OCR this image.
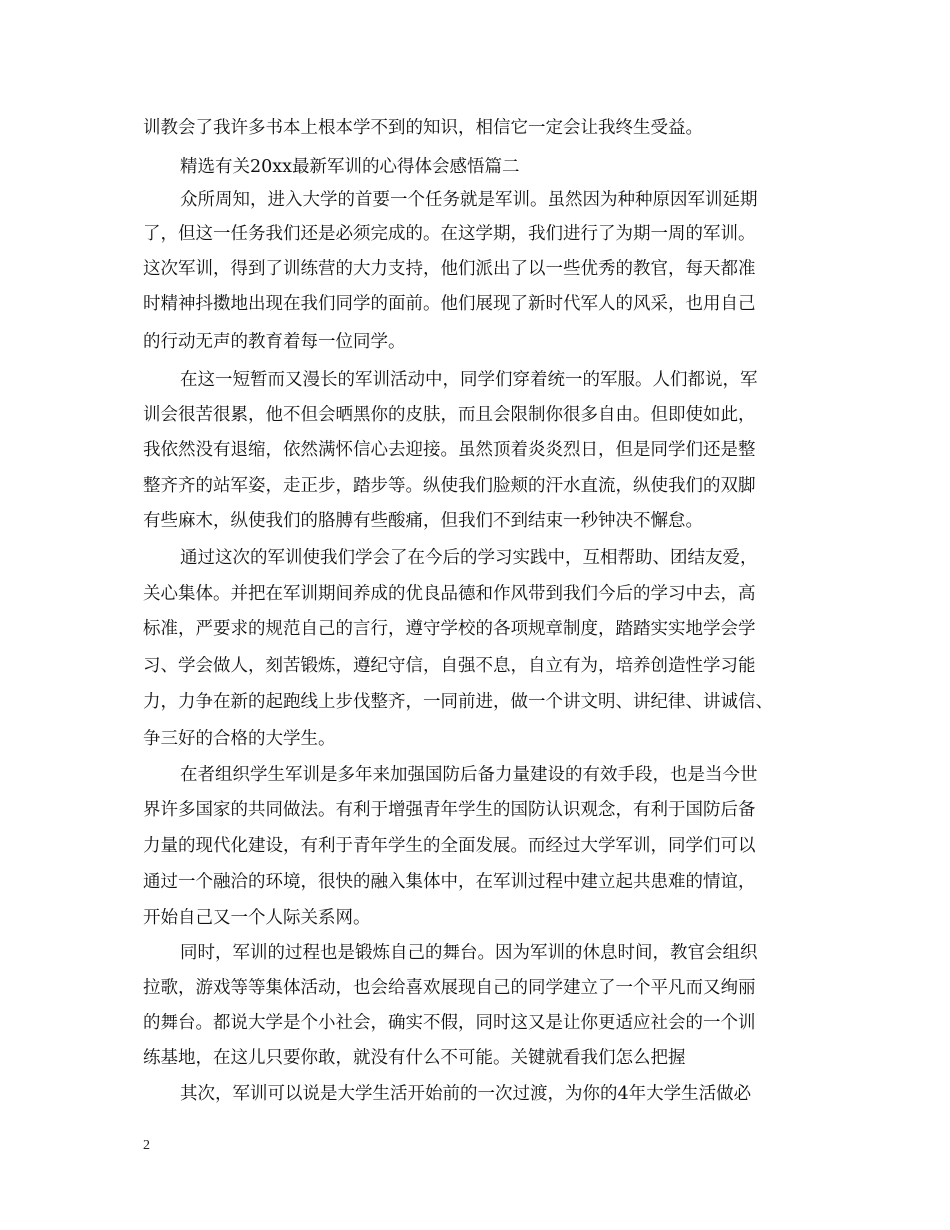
训教会了我许多书本上根本学不到的知识，相信它一定会让我终生受益。
精选有关20xx最新军训的心得体会感悟篇二
众所周知，进入大学的首要一个任务就是军训。虽然因为种种原因军训延期
了，但这一任务我们还是必须完成的。在这学期，我们进行了为期一周的军训。
这次军训，得到了训练营的大力支持，他们派出了以一些优秀的教官，每天都准
时精神抖擞地出现在我们同学的面前。他们展现了新时代军人的风采，也用自己
的行动无声的教育着每一位同学。
在这一短暂而又漫长的军训活动中，同学们穿着统一的军服。人们都说，军
训会很苦很累，他不但会晒黑你的皮肤，而且会限制你很多自由。但即使如此，
我依然没有退缩，依然满怀信心去迎接。虽然顶着炎炎烈日，但是同学们还是整
整齐齐的站军姿，走正步，踏步等。纵使我们脸颊的汗水直流，纵使我们的双脚
有些麻木，纵使我们的胳膊有些酸痛，但我们不到结束一秒钟决不懈怠。
通过这次的军训使我们学会了在今后的学习实践中，互相帮助、团结友爱，
关心集体。并把在军训期间养成的优良品德和作风带到我们今后的学习中去，高
标准，严要求的规范自己的言行，遵守学校的各项规章制度，踏踏实实地学会学
习、学会做人，刻苦锻炼，遵纪守信，自强不息，自立有为，培养创造性学习能
力，力争在新的起跑线上步伐整齐，一同前进，做一个讲文明、讲纪律、讲诚信、
争三好的合格的大学生。
在者组织学生军训是多年来加强国防后备力量建设的有效手段，也是当今世
界许多国家的共同做法。有利于增强青年学生的国防认识观念，有利于国防后备
力量的现代化建设，有利于青年学生的全面发展。而经过大学军训，同学们可以
通过一个融洽的环境，很快的融入集体中，在军训过程中建立起共患难的情谊，
开始自己又一个人际关系网。
同时，军训的过程也是锻炼自己的舞台。因为军训的休息时间，教官会组织
拉歌，游戏等等集体活动，也会给喜欢展现自己的同学建立了一个平凡而又绚丽
的舞台。都说大学是个小社会，确实不假，同时这又是让你更适应社会的一个训
练基地，在这儿只要你敢，就没有什么不可能。关键就看我们怎么把握
其次，军训可以说是大学生活开始前的一次过渡，为你的4年大学生活做必
2
